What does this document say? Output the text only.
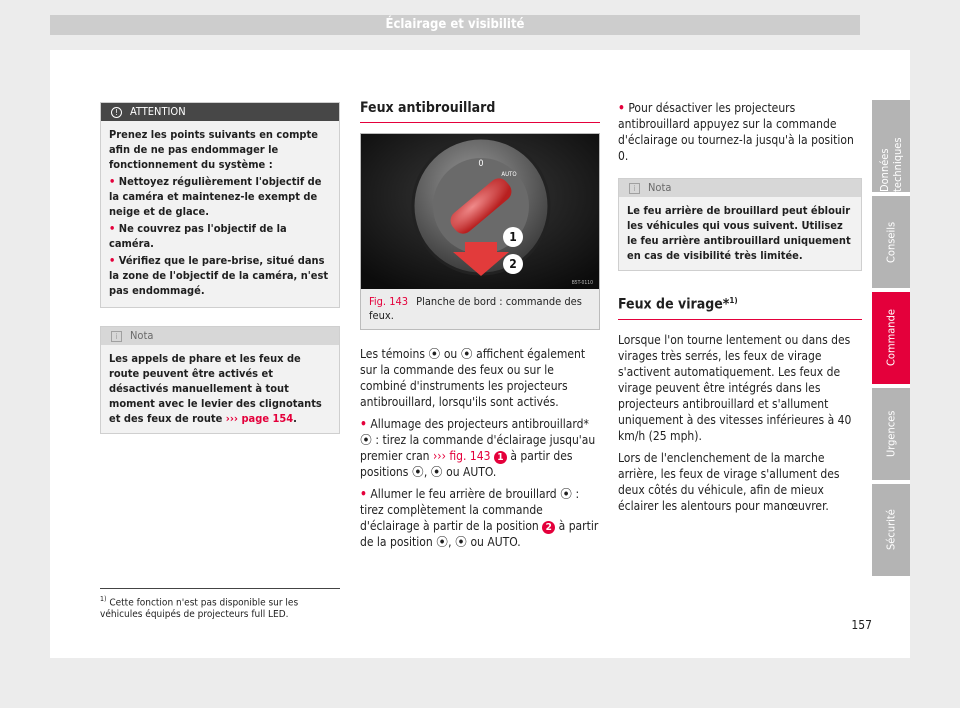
Éclairage et visibilité
!	ATTENTION

Prenez les points suivants en compte afin de ne pas endommager le fonctionnement du système :

• Nettoyez régulièrement l'objectif de la caméra et maintenez-le exempt de neige et de glace.

• Ne couvrez pas l'objectif de la caméra.

• Vérifiez que le pare-brise, situé dans la zone de l'objectif de la caméra, n'est pas endommagé.

i	Nota
Les appels de phare et les feux de route peuvent être activés et désactivés manuellement à tout moment avec le levier des clignotants et des feux de route ››› page 154.
Feux antibrouillard
0
AUTO
1
2
B5T-0110
Fig. 143 Planche de bord : commande des feux.

Les témoins ⦿ ou ⦿ affichent également sur la commande des feux ou sur le combiné d'instruments les projecteurs antibrouillard, lorsqu'ils sont activés.

• Allumage des projecteurs antibrouillard* ⦿ : tirez la commande d'éclairage jusqu'au premier cran ››› fig. 143 1 à partir des positions ⦿, ⦿ ou AUTO.

• Allumer le feu arrière de brouillard ⦿ : tirez complètement la commande d'éclairage à partir de la position 2 à partir de la position ⦿, ⦿ ou AUTO.

• Pour désactiver les projecteurs antibrouillard appuyez sur la commande d'éclairage ou tournez-la jusqu'à la position 0.

i	Nota
Le feu arrière de brouillard peut éblouir les véhicules qui vous suivent. Utilisez le feu arrière antibrouillard uniquement en cas de visibilité très limitée.
Feux de virage*$^{1)}$

Lorsque l'on tourne lentement ou dans des virages très serrés, les feux de virage s'activent automatiquement. Les feux de virage peuvent être intégrés dans les projecteurs antibrouillard et s'allument uniquement à des vitesses inférieures à 40 km/h (25 mph).

Lors de l'enclenchement de la marche arrière, les feux de virage s'allument des deux côtés du véhicule, afin de mieux éclairer les alentours pour manœuvrer.

Données techniques
Conseils
Commande
Urgences
Sécurité
$^{1)}$ Cette fonction n'est pas disponible sur les véhicules équipés de projecteurs full LED.
157
